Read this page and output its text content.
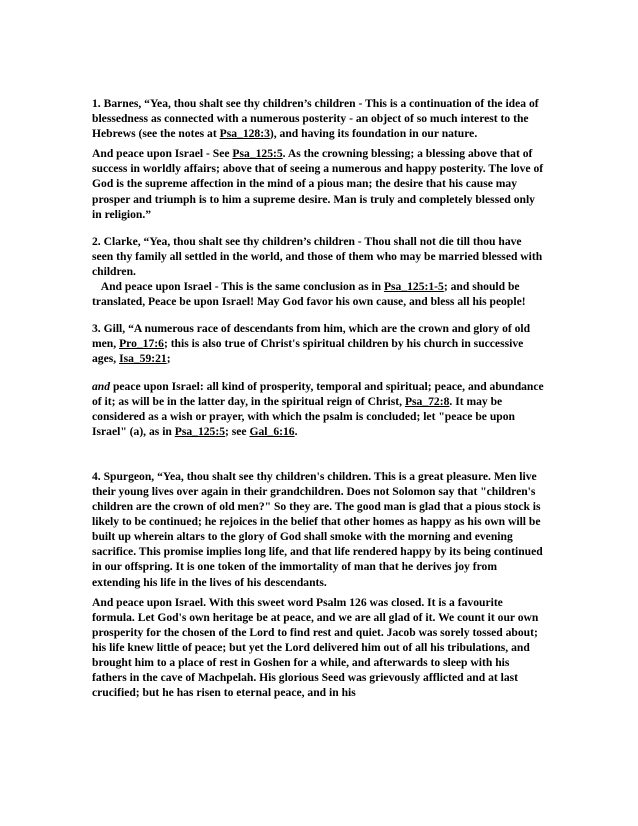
1. Barnes, “Yea, thou shalt see thy children’s children - This is a continuation of the idea of blessedness as connected with a numerous posterity - an object of so much interest to the Hebrews (see the notes at Psa_128:3), and having its foundation in our nature.

And peace upon Israel - See Psa_125:5. As the crowning blessing; a blessing above that of success in worldly affairs; above that of seeing a numerous and happy posterity. The love of God is the supreme affection in the mind of a pious man; the desire that his cause may prosper and triumph is to him a supreme desire. Man is truly and completely blessed only in religion.”

2. Clarke, “Yea, thou shalt see thy children’s children - Thou shall not die till thou have seen thy family all settled in the world, and those of them who may be married blessed with children.

And peace upon Israel - This is the same conclusion as in Psa_125:1-5; and should be translated, Peace be upon Israel! May God favor his own cause, and bless all his people!

3. Gill, “A numerous race of descendants from him, which are the crown and glory of old men, Pro_17:6; this is also true of Christ's spiritual children by his church in successive ages, Isa_59:21;

and peace upon Israel: all kind of prosperity, temporal and spiritual; peace, and abundance of it; as will be in the latter day, in the spiritual reign of Christ, Psa_72:8. It may be considered as a wish or prayer, with which the psalm is concluded; let "peace be upon Israel" (a), as in Psa_125:5; see Gal_6:16.

4. Spurgeon, “Yea, thou shalt see thy children's children. This is a great pleasure. Men live their young lives over again in their grandchildren. Does not Solomon say that "children's children are the crown of old men?" So they are. The good man is glad that a pious stock is likely to be continued; he rejoices in the belief that other homes as happy as his own will be built up wherein altars to the glory of God shall smoke with the morning and evening sacrifice. This promise implies long life, and that life rendered happy by its being continued in our offspring. It is one token of the immortality of man that he derives joy from extending his life in the lives of his descendants.

And peace upon Israel. With this sweet word Psalm 126 was closed. It is a favourite formula. Let God's own heritage be at peace, and we are all glad of it. We count it our own prosperity for the chosen of the Lord to find rest and quiet. Jacob was sorely tossed about; his life knew little of peace; but yet the Lord delivered him out of all his tribulations, and brought him to a place of rest in Goshen for a while, and afterwards to sleep with his fathers in the cave of Machpelah. His glorious Seed was grievously afflicted and at last crucified; but he has risen to eternal peace, and in his
